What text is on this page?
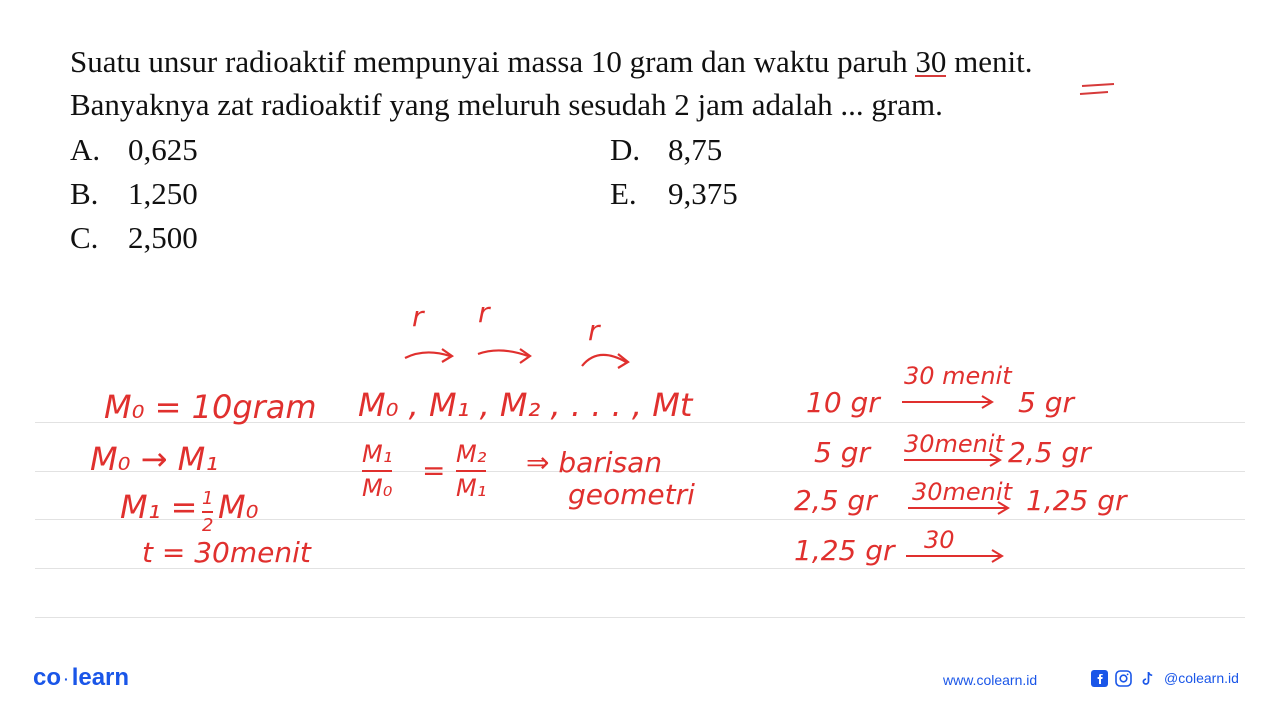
Suatu unsur radioaktif mempunyai massa 10 gram dan waktu paruh 30 menit.
Banyaknya zat radioaktif yang meluruh sesudah 2 jam adalah ... gram.
A. 0,625
B. 1,250
C. 2,500
D. 8,75
E. 9,375
r r
r
M₀ = 10gram
M₀ → M₁
M₁ = 1
2 M₀
t = 30menit
M₀ , M₁ , M₂ , . . . , Mt
M₁
M₀
= M₂
M₁
⇒ barisan
geometri
10 gr
30 menit
5 gr
5 gr 30menit 2,5 gr
2,5 gr 30menit 1,25 gr
1,25 gr 30
co · learn	www.colearn.id	@colearn.id
